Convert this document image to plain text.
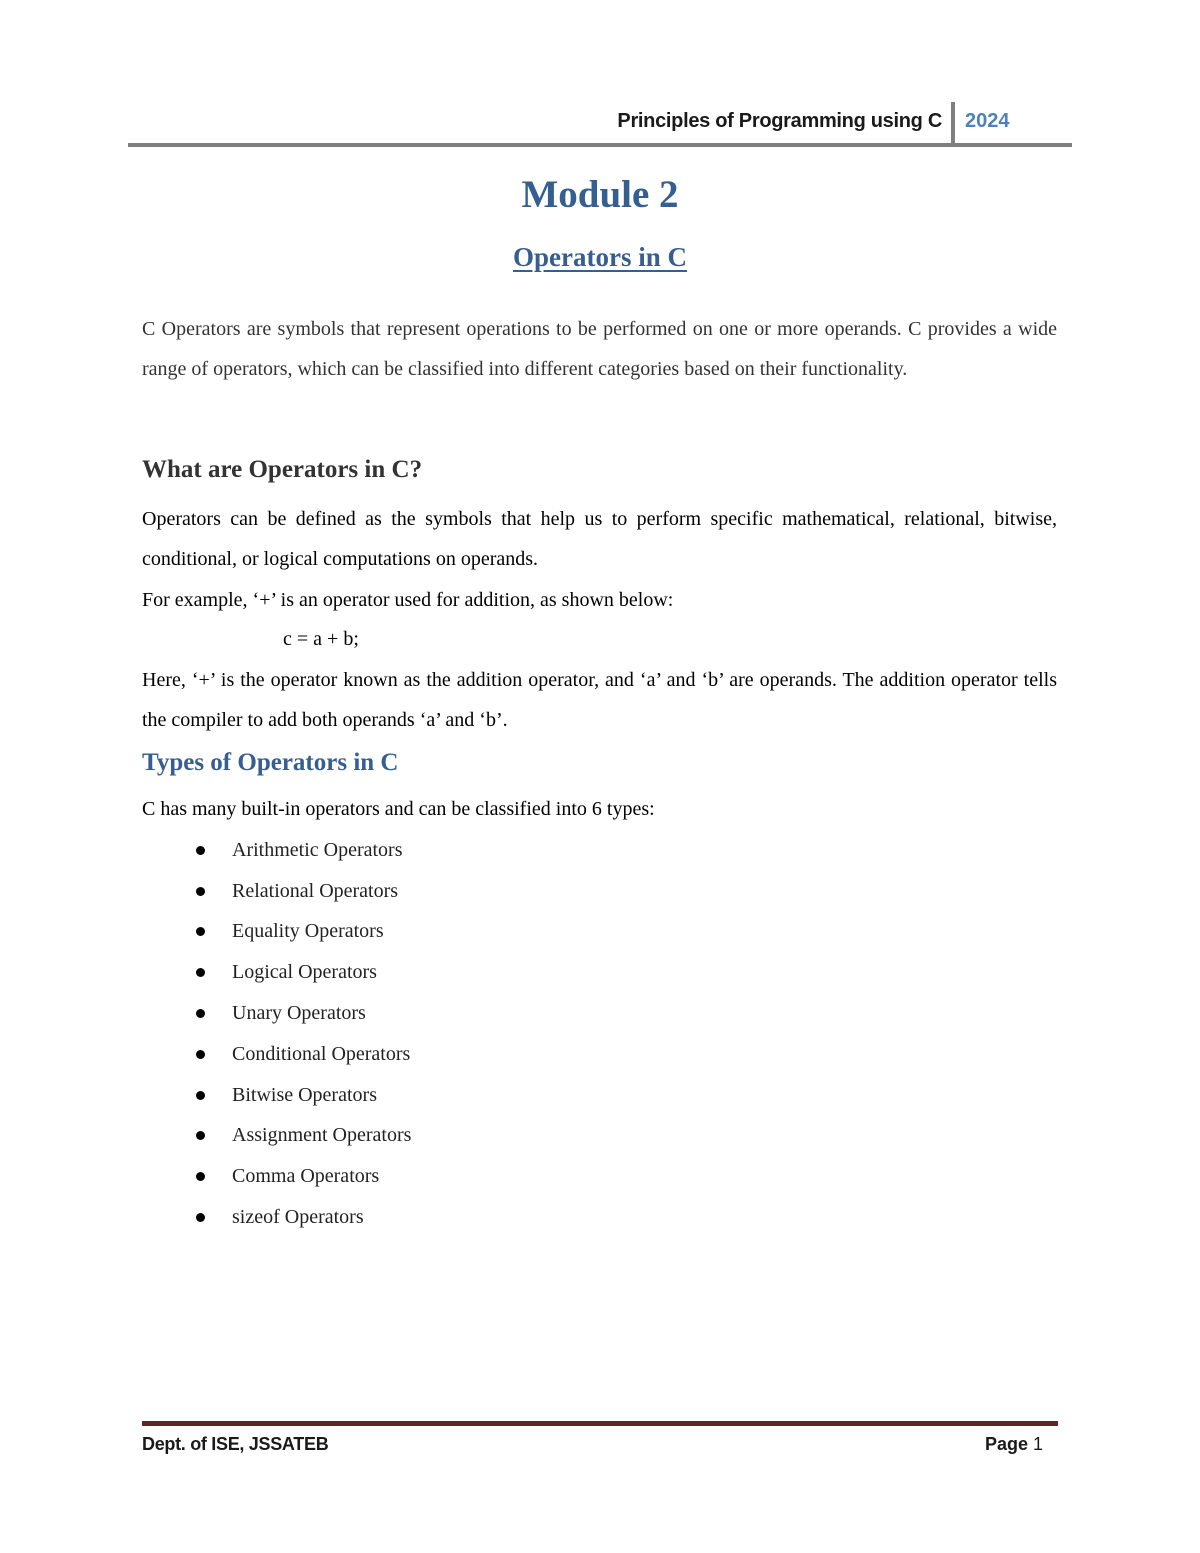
Principles of Programming using C 2024
Module 2
Operators in C

C Operators are symbols that represent operations to be performed on one or more operands. C provides a wide range of operators, which can be classified into different categories based on their functionality.

What are Operators in C?

Operators can be defined as the symbols that help us to perform specific mathematical, relational, bitwise, conditional, or logical computations on operands.

For example, ‘+’ is an operator used for addition, as shown below:

c = a + b;

Here, ‘+’ is the operator known as the addition operator, and ‘a’ and ‘b’ are operands. The addition operator tells the compiler to add both operands ‘a’ and ‘b’.

Types of Operators in C

C has many built-in operators and can be classified into 6 types:

Arithmetic Operators
Relational Operators
Equality Operators
Logical Operators
Unary Operators
Conditional Operators
Bitwise Operators
Assignment Operators
Comma Operators
sizeof Operators
Dept. of ISE, JSSATEB	Page 1
